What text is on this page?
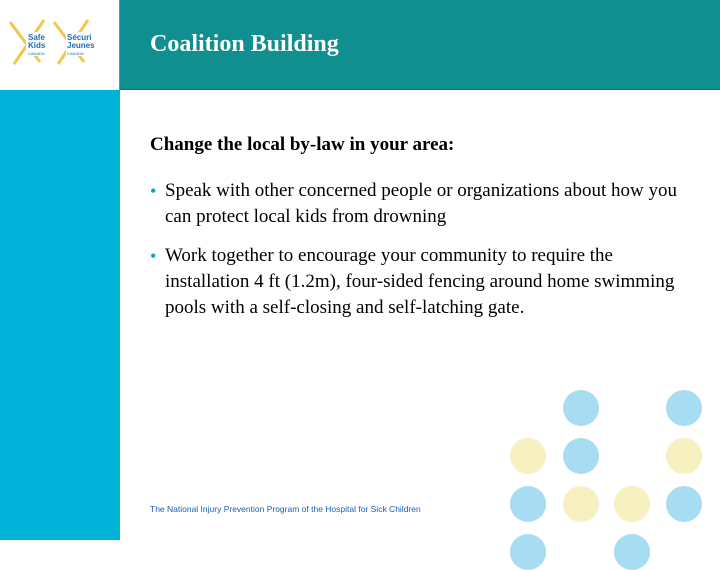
Safe
Kids
CANADA
Sécuri
Jeunes
CANADA	Coalition Building
Change the local by-law in your area:
• Speak with other concerned people or organizations about how you can protect local kids from drowning
• Work together to encourage your community to require the installation 4 ft (1.2m), four-sided fencing around home swimming pools with a self-closing and self-latching gate.
The National Injury Prevention Program of the Hospital for Sick Children
